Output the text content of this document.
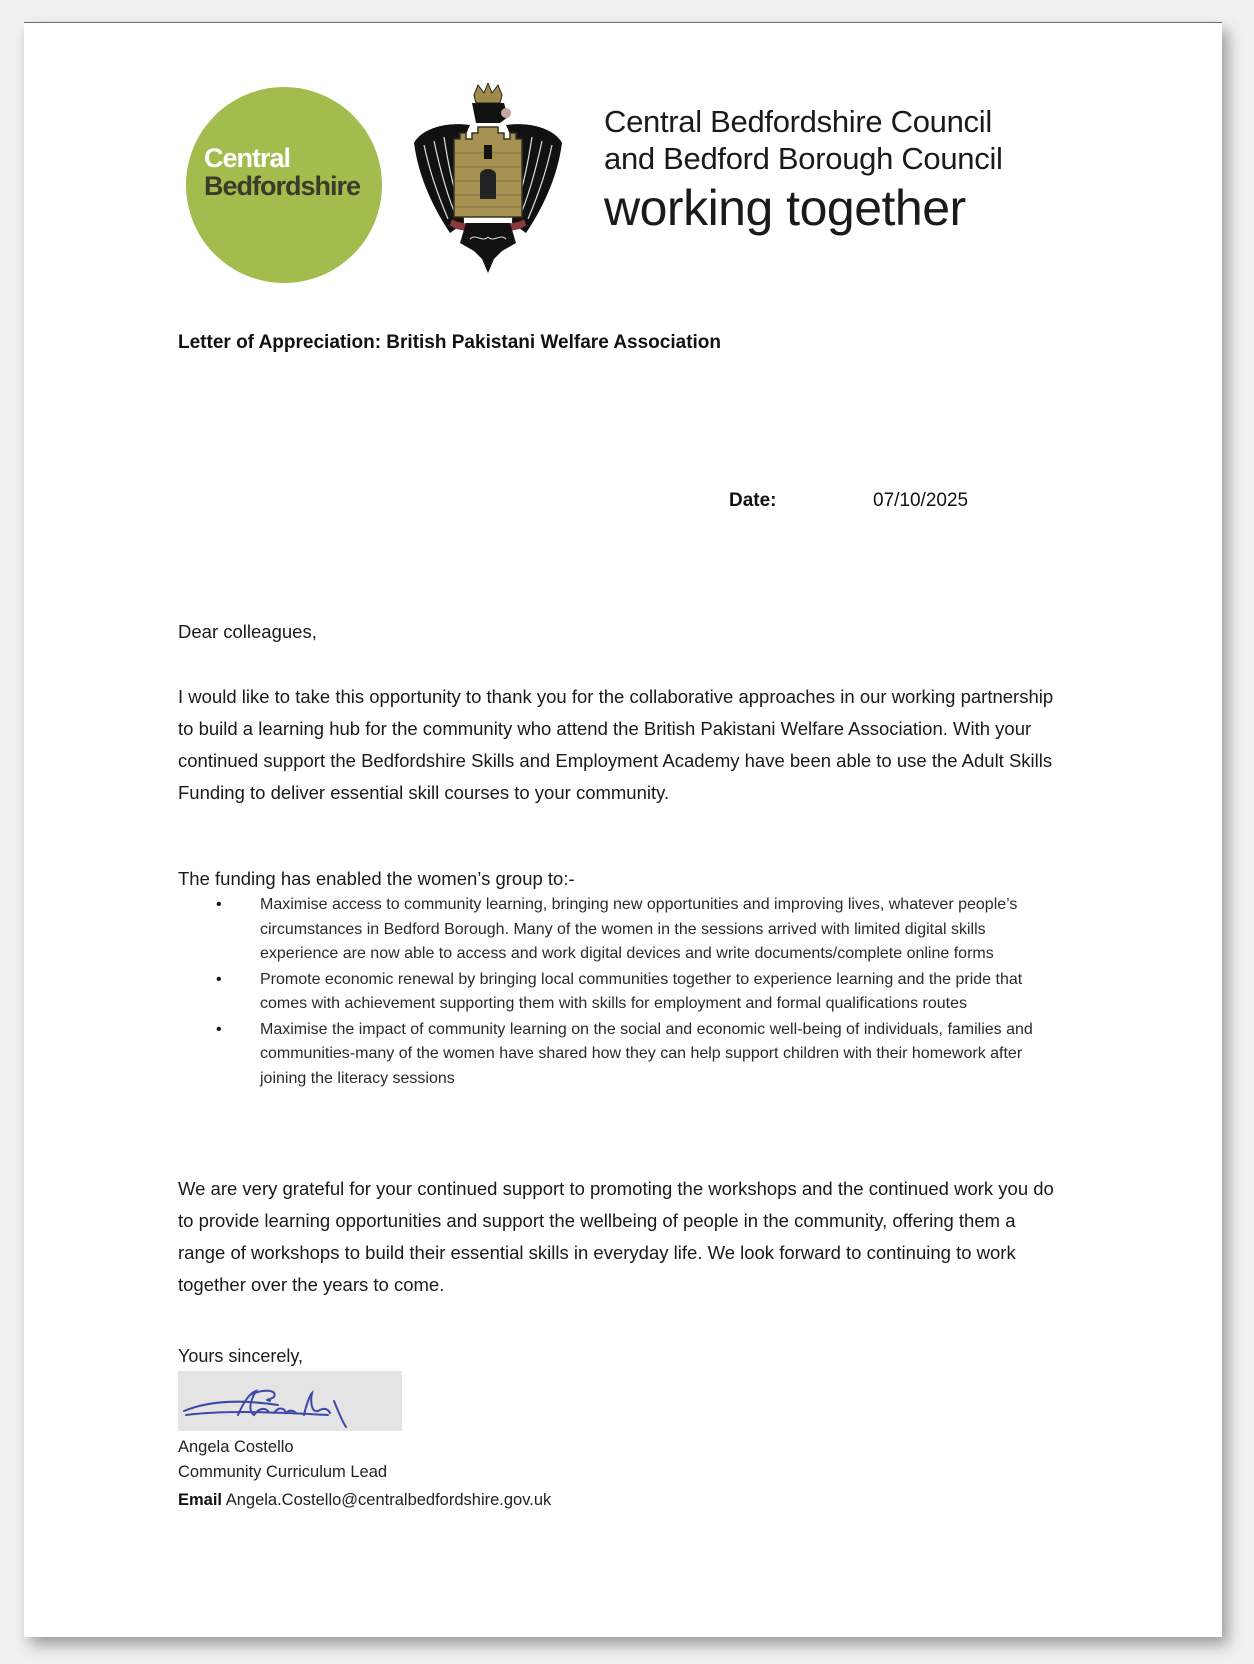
Central
Bedfordshire
Central Bedfordshire Council
and Bedford Borough Council
working together
Letter of Appreciation: British Pakistani Welfare Association
Date:	07/10/2025
Dear colleagues,
I would like to take this opportunity to thank you for the collaborative approaches in our working partnership to build a learning hub for the community who attend the British Pakistani Welfare Association. With your continued support the Bedfordshire Skills and Employment Academy have been able to use the Adult Skills Funding to deliver essential skill courses to your community.
The funding has enabled the women’s group to:-
• Maximise access to community learning, bringing new opportunities and improving lives, whatever people’s circumstances in Bedford Borough. Many of the women in the sessions arrived with limited digital skills experience are now able to access and work digital devices and write documents/complete online forms
• Promote economic renewal by bringing local communities together to experience learning and the pride that comes with achievement supporting them with skills for employment and formal qualifications routes
• Maximise the impact of community learning on the social and economic well-being of individuals, families and communities-many of the women have shared how they can help support children with their homework after joining the literacy sessions
We are very grateful for your continued support to promoting the workshops and the continued work you do to provide learning opportunities and support the wellbeing of people in the community, offering them a range of workshops to build their essential skills in everyday life. We look forward to continuing to work together over the years to come.
Yours sincerely,
Angela Costello
Community Curriculum Lead
Email Angela.Costello@centralbedfordshire.gov.uk
